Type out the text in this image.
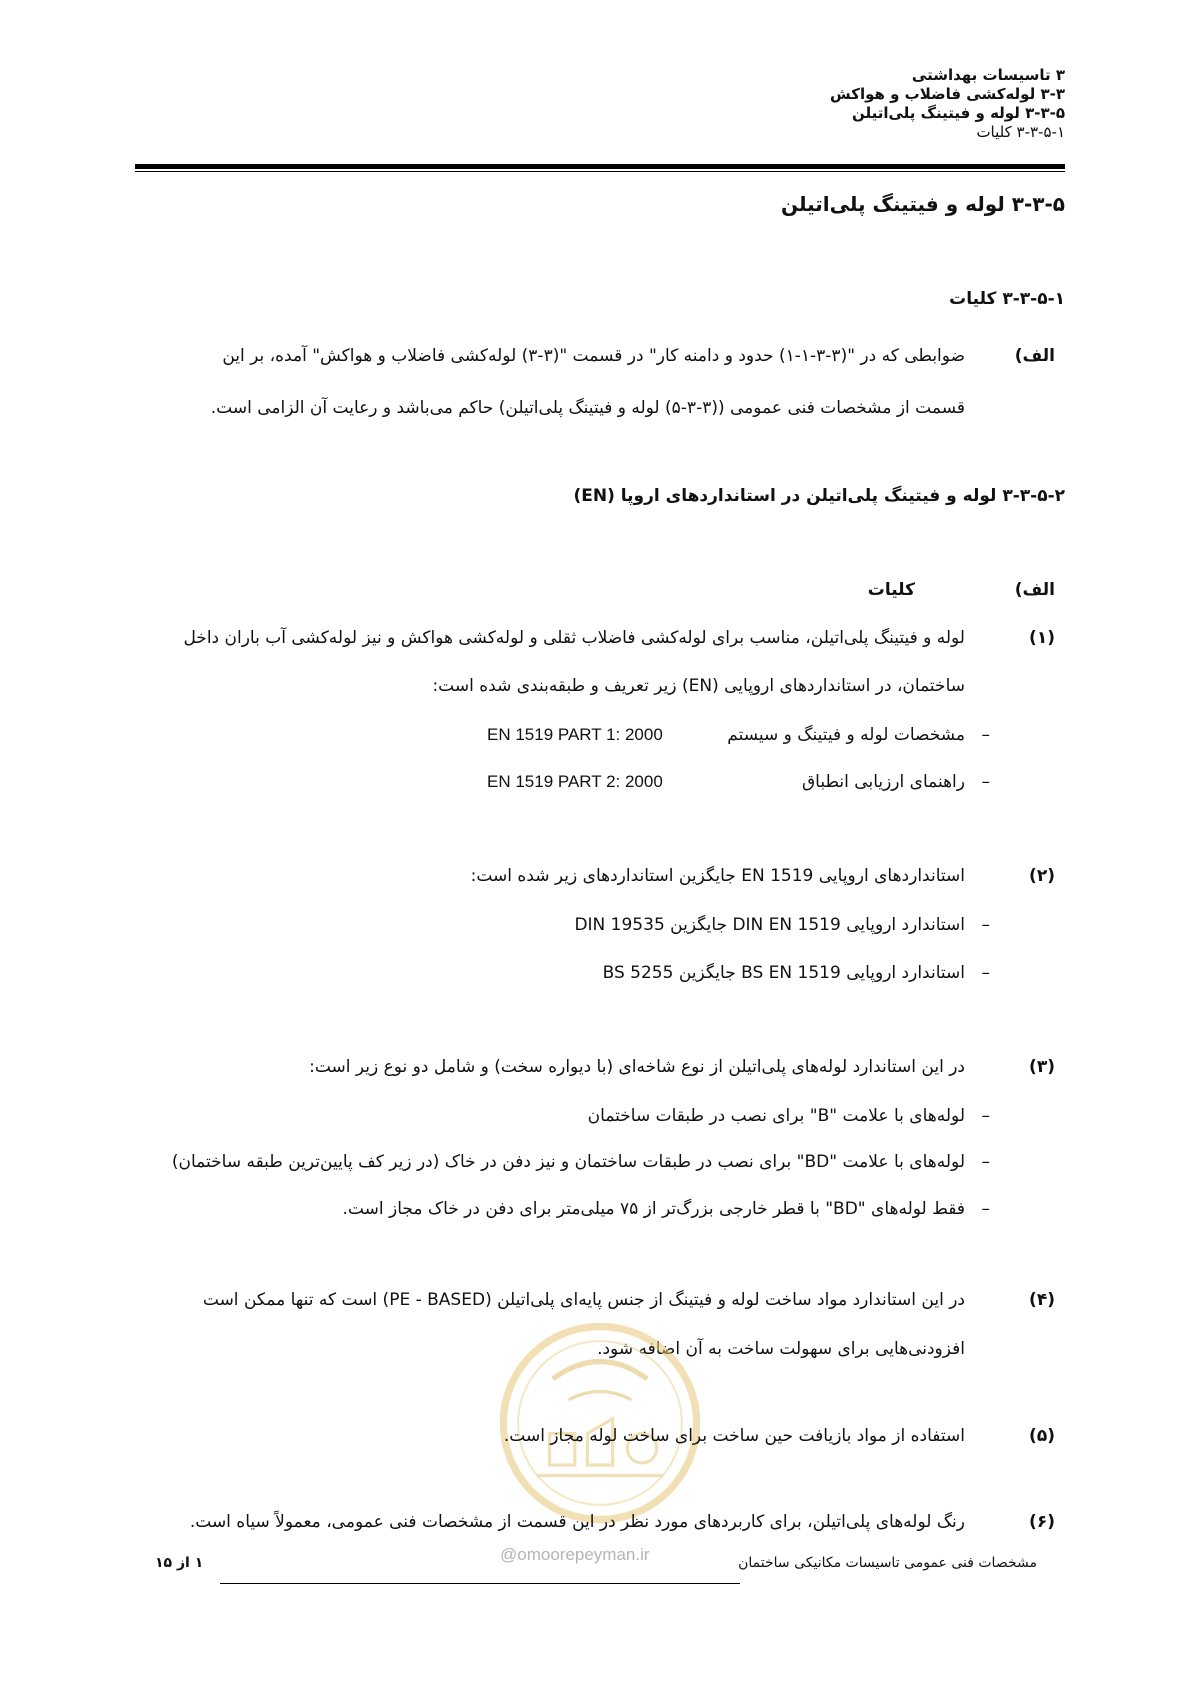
۳ تاسیسات بهداشتی
۳-۳ لوله‌کشی فاضلاب و هواکش
۳-۳-۵ لوله و فیتینگ پلی‌اتیلن
۳-۳-۵-۱ کلیات
۳-۳-۵ لوله و فیتینگ پلی‌اتیلن
۳-۳-۵-۱ کلیات
الف)
ضوابطی که در "(۳-۳-۱-۱) حدود و دامنه کار" در قسمت "(۳-۳) لوله‌کشی فاضلاب و هواکش" آمده، بر این
قسمت از مشخصات فنی عمومی ((۳-۳-۵) لوله و فیتینگ پلی‌اتیلن) حاکم می‌باشد و رعایت آن الزامی است.
۳-۳-۵-۲ لوله و فیتینگ پلی‌اتیلن در استانداردهای اروپا (EN)
الف)
کلیات
(۱)
لوله و فیتینگ پلی‌اتیلن، مناسب برای لوله‌کشی فاضلاب ثقلی و لوله‌کشی هواکش و نیز لوله‌کشی آب باران داخل
ساختمان، در استانداردهای اروپایی (EN) زیر تعریف و طبقه‌بندی شده است:
–
مشخصات لوله و فیتینگ و سیستم
EN 1519 PART 1: 2000
–
راهنمای ارزیابی انطباق
EN 1519 PART 2: 2000
(۲)
استانداردهای اروپایی EN 1519 جایگزین استانداردهای زیر شده است:
–
استاندارد اروپایی DIN EN 1519 جایگزین DIN 19535
–
استاندارد اروپایی BS EN 1519 جایگزین BS 5255
(۳)
در این استاندارد لوله‌های پلی‌اتیلن از نوع شاخه‌ای (با دیواره سخت) و شامل دو نوع زیر است:
–
لوله‌های با علامت "B" برای نصب در طبقات ساختمان
–
لوله‌های با علامت "BD" برای نصب در طبقات ساختمان و نیز دفن در خاک (در زیر کف پایین‌ترین طبقه ساختمان)
–
فقط لوله‌های "BD" با قطر خارجی بزرگ‌تر از ۷۵ میلی‌متر برای دفن در خاک مجاز است.
(۴)
در این استاندارد مواد ساخت لوله و فیتینگ از جنس پایه‌ای پلی‌اتیلن (PE - BASED) است که تنها ممکن است
افزودنی‌هایی برای سهولت ساخت به آن اضافه شود.
(۵)
استفاده از مواد بازیافت حین ساخت برای ساخت لوله مجاز است.
(۶)
رنگ لوله‌های پلی‌اتیلن، برای کاربردهای مورد نظر در این قسمت از مشخصات فنی عمومی، معمولاً سیاه است.
@omoorepeyman.ir	مشخصات فنی عمومی تاسیسات مکانیکی ساختمان
۱ از ۱۵
